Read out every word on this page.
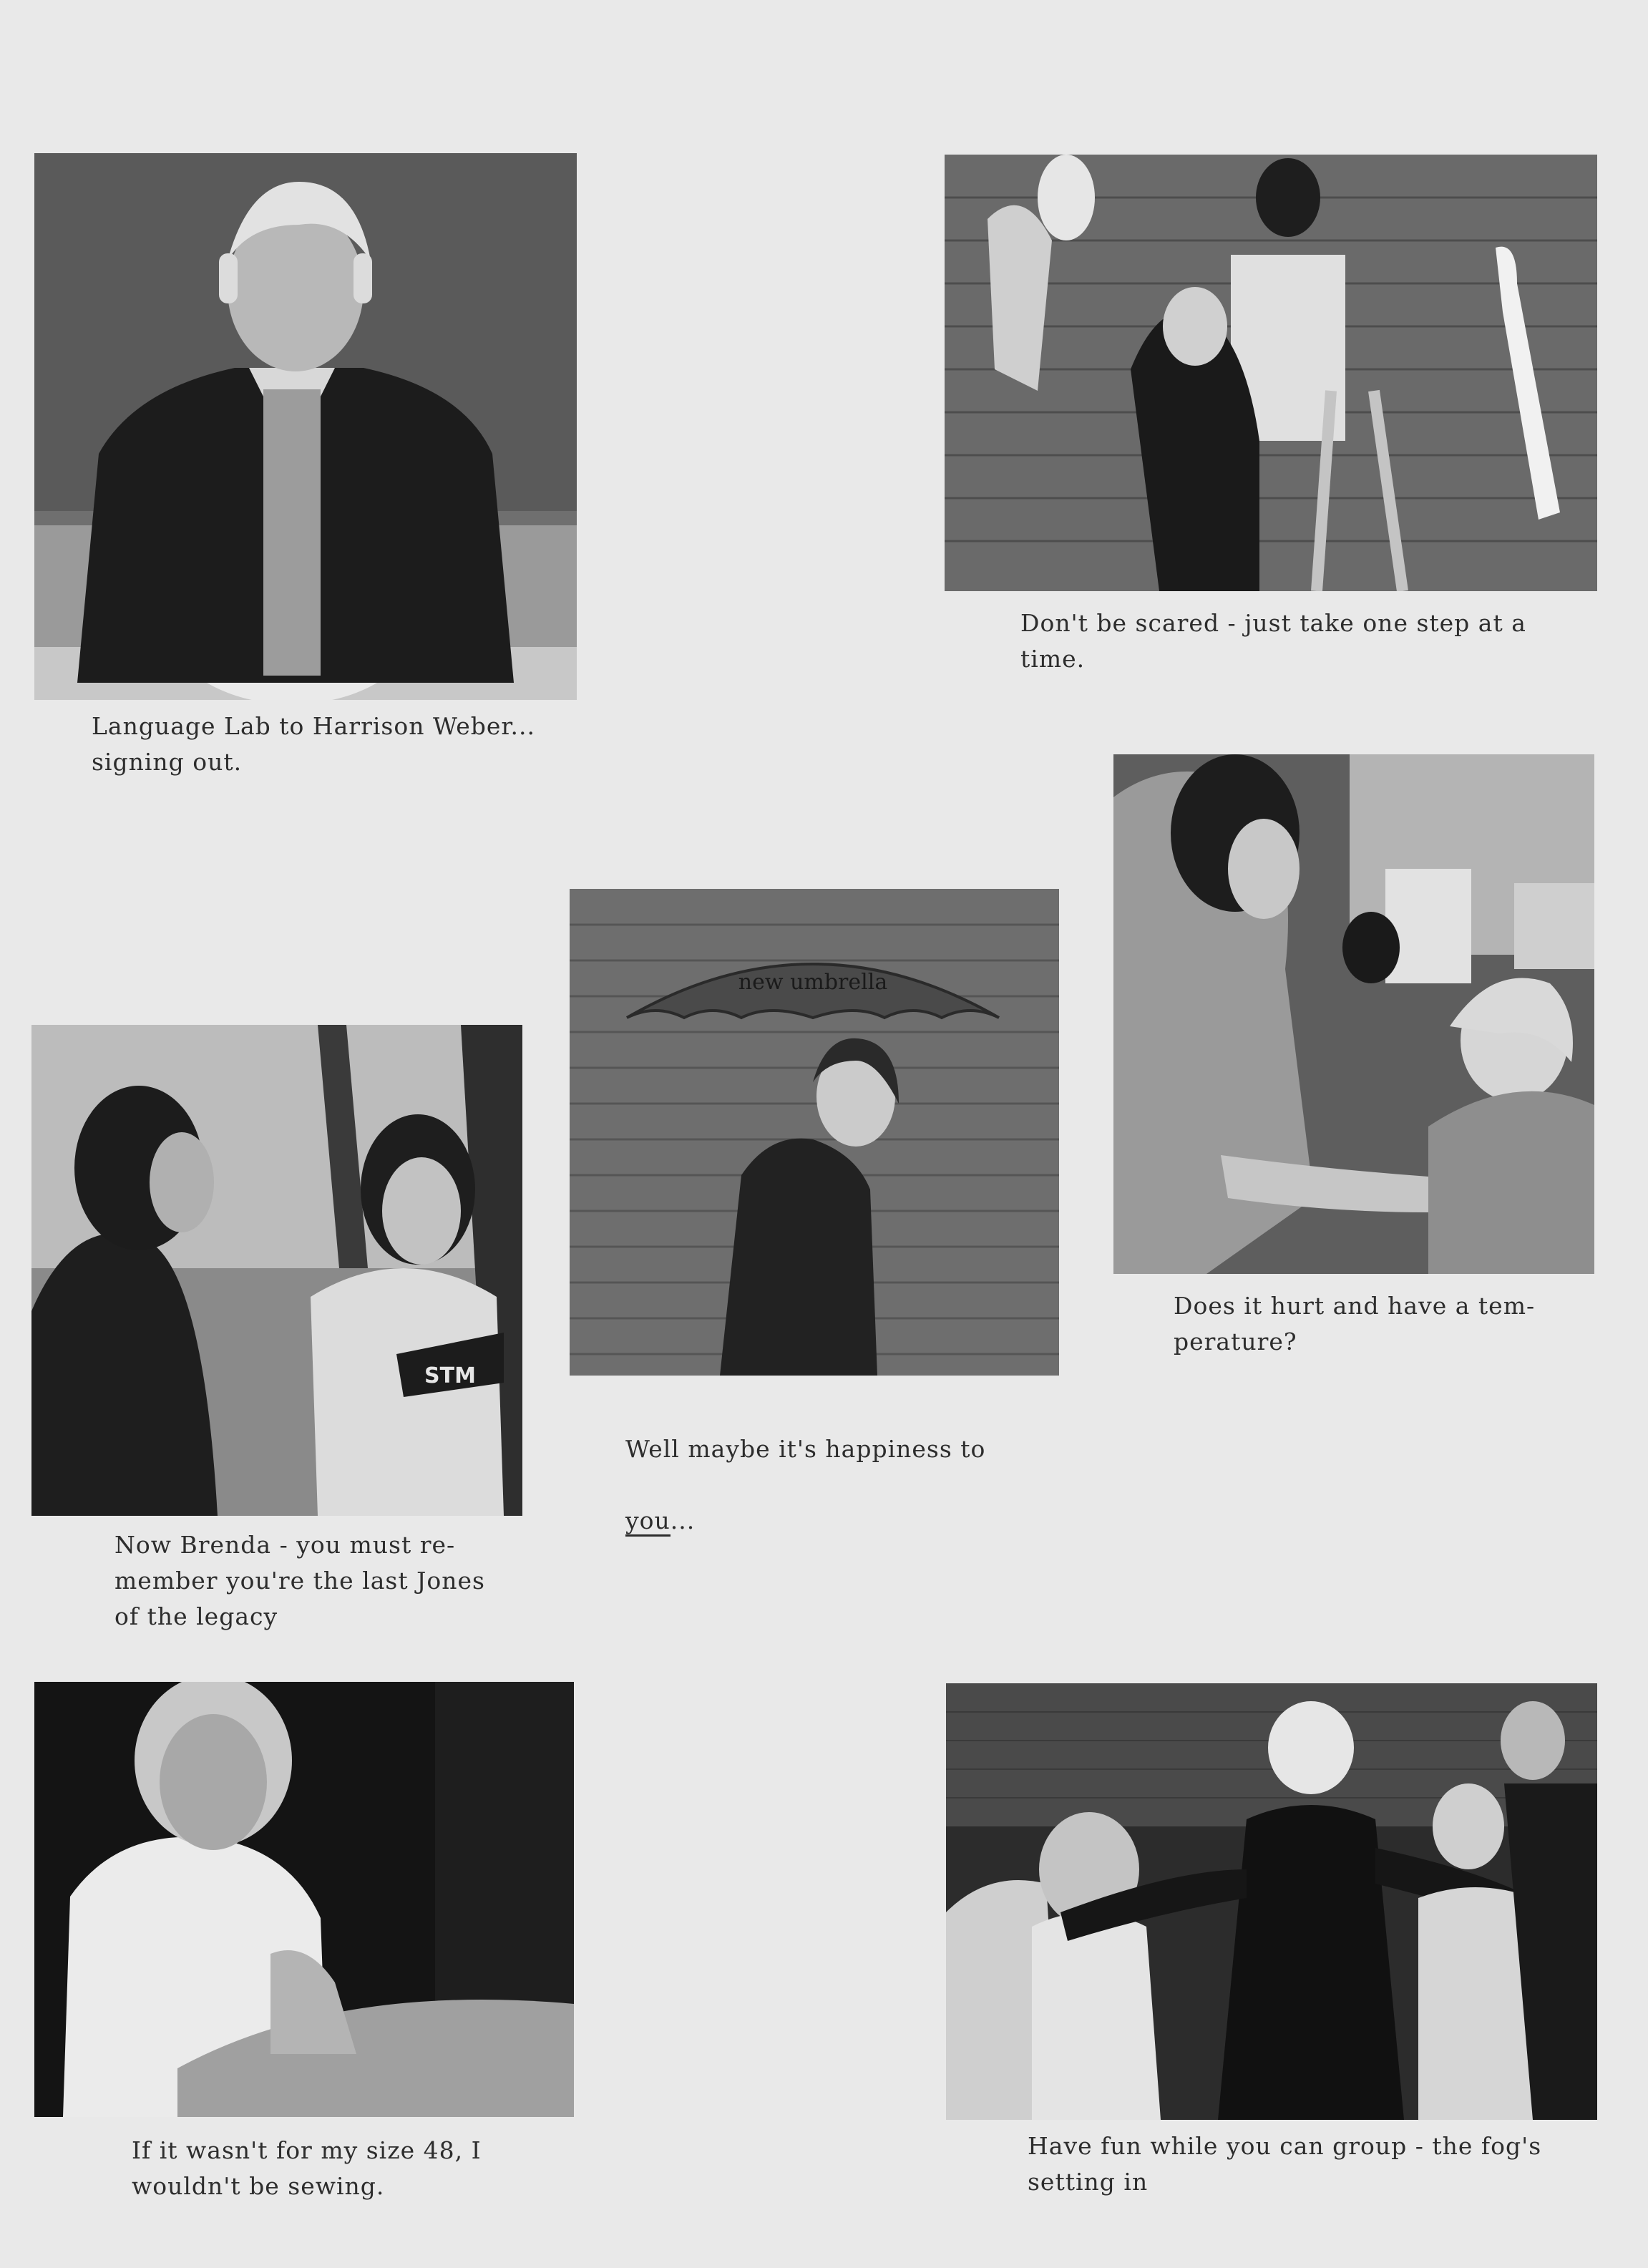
Language Lab to Harrison Weber...
signing out.
Don't be scared - just take one step at a
time.
Does it hurt and have a tem-
perature?
new umbrella

Well maybe it's happiness to

you...

STM
Now Brenda - you must re-
member you're the last Jones
of the legacy
If it wasn't for my size 48, I
wouldn't be sewing.
Have fun while you can group - the fog's
setting in
